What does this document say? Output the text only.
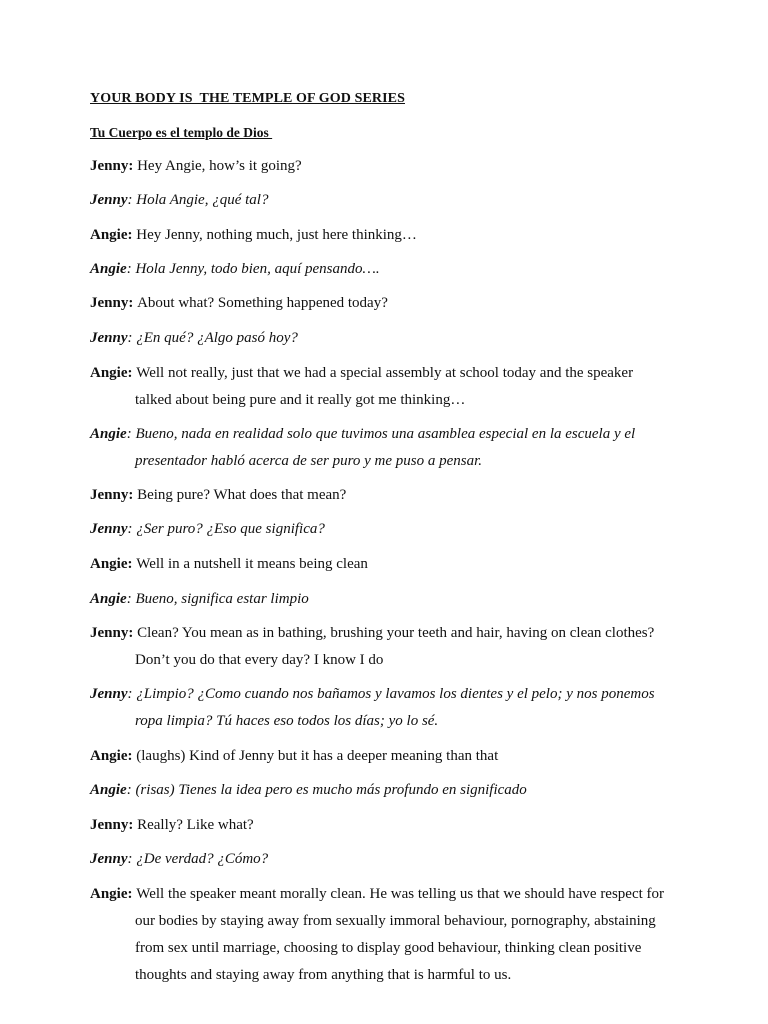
YOUR BODY IS  THE TEMPLE OF GOD SERIES
Tu Cuerpo es el templo de Dios
Jenny: Hey Angie, how’s it going?
Jenny: Hola Angie, ¿qué tal?
Angie: Hey Jenny, nothing much, just here thinking…
Angie: Hola Jenny, todo bien, aquí pensando….
Jenny: About what? Something happened today?
Jenny: ¿En qué? ¿Algo pasó hoy?
Angie: Well not really, just that we had a special assembly at school today and the speaker
talked about being pure and it really got me thinking…
Angie: Bueno, nada en realidad solo que tuvimos una asamblea especial en la escuela y el
presentador habló acerca de ser puro y me puso a pensar.
Jenny: Being pure? What does that mean?
Jenny: ¿Ser puro? ¿Eso que significa?
Angie: Well in a nutshell it means being clean
Angie: Bueno, significa estar limpio
Jenny: Clean? You mean as in bathing, brushing your teeth and hair, having on clean clothes?
Don’t you do that every day? I know I do
Jenny: ¿Limpio? ¿Como cuando nos bañamos y lavamos los dientes y el pelo; y nos ponemos
ropa limpia? Tú haces eso todos los días; yo lo sé.
Angie: (laughs) Kind of Jenny but it has a deeper meaning than that
Angie: (risas) Tienes la idea pero es mucho más profundo en significado
Jenny: Really? Like what?
Jenny: ¿De verdad? ¿Cómo?
Angie: Well the speaker meant morally clean. He was telling us that we should have respect for
our bodies by staying away from sexually immoral behaviour, pornography, abstaining
from sex until marriage, choosing to display good behaviour, thinking clean positive
thoughts and staying away from anything that is harmful to us.
